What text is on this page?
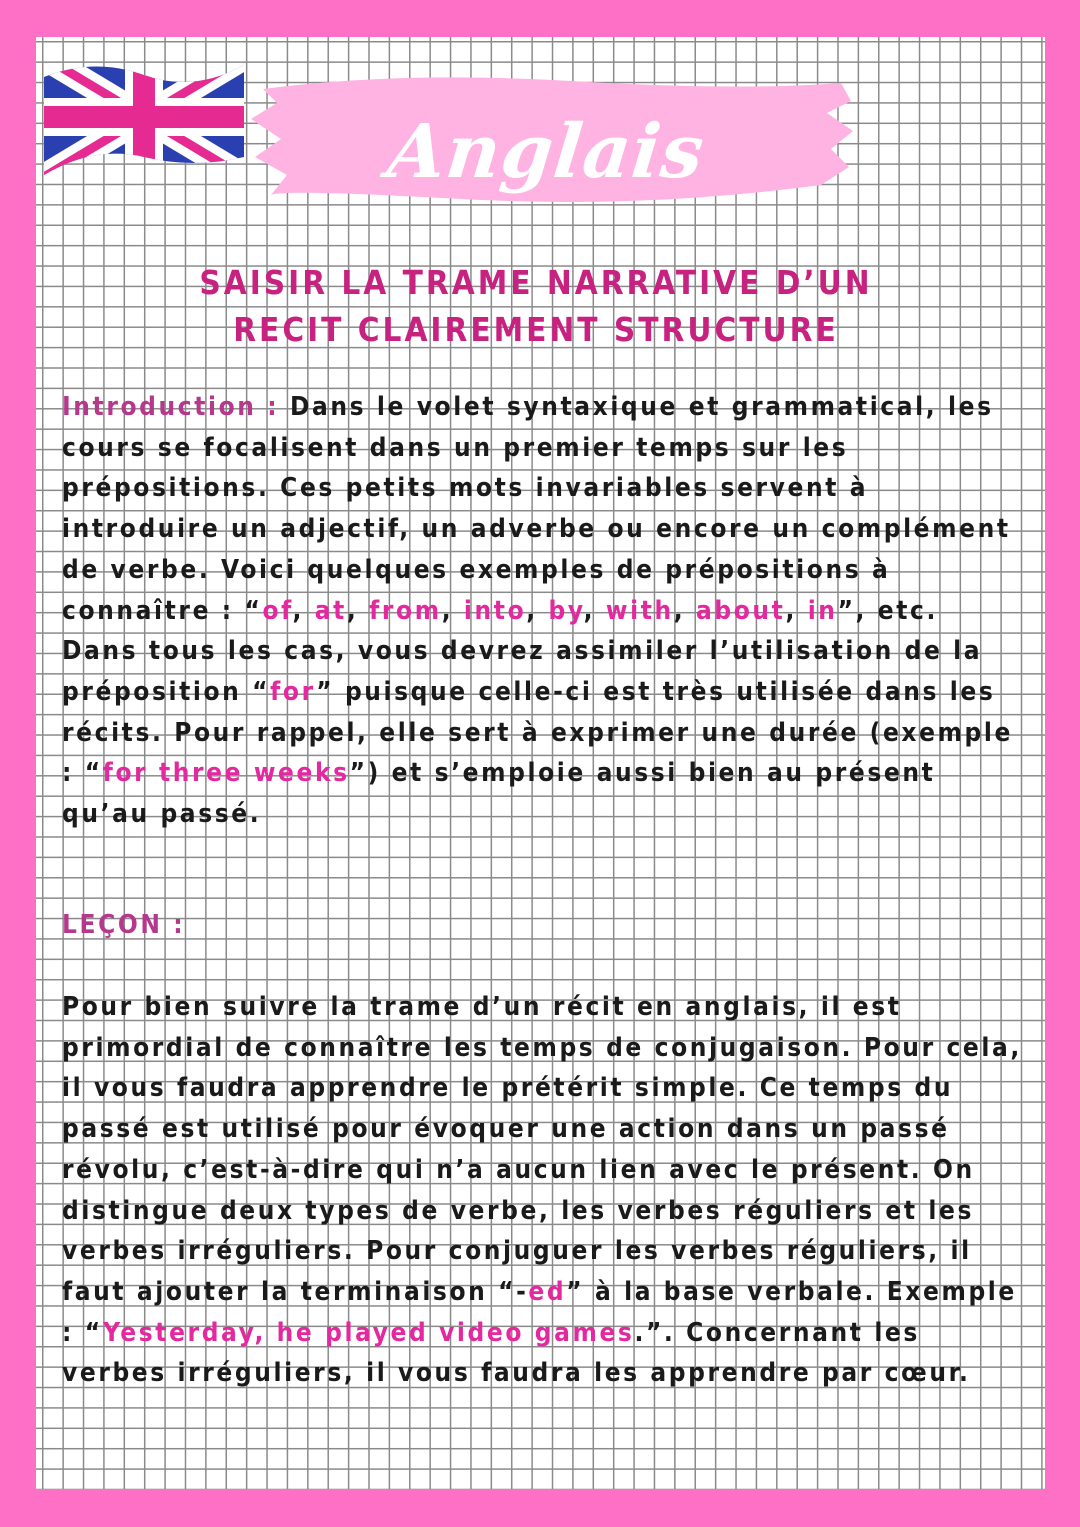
Anglais
SAISIR LA TRAME NARRATIVE D’UN
RECIT CLAIREMENT STRUCTURE

Introduction : Dans le volet syntaxique et grammatical, les cours se focalisent dans un premier temps sur les prépositions. Ces petits mots invariables servent à introduire un adjectif, un adverbe ou encore un complément de verbe. Voici quelques exemples de prépositions à connaître : “of, at, from, into, by, with, about, in”, etc. Dans tous les cas, vous devrez assimiler l’utilisation de la préposition “for” puisque celle-ci est très utilisée dans les récits. Pour rappel, elle sert à exprimer une durée (exemple : “for three weeks”) et s’emploie aussi bien au présent qu’au passé.

LEÇON :

Pour bien suivre la trame d’un récit en anglais, il est primordial de connaître les temps de conjugaison. Pour cela, il vous faudra apprendre le prétérit simple. Ce temps du passé est utilisé pour évoquer une action dans un passé révolu, c’est-à-dire qui n’a aucun lien avec le présent. On distingue deux types de verbe, les verbes réguliers et les verbes irréguliers. Pour conjuguer les verbes réguliers, il faut ajouter la terminaison “-ed” à la base verbale. Exemple : “Yesterday, he played video games.”. Concernant les verbes irréguliers, il vous faudra les apprendre par cœur.
